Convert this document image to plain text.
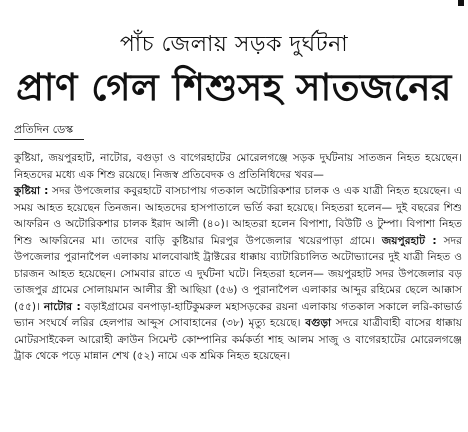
পাঁচ জেলায় সড়ক দুর্ঘটনা
প্রাণ গেল শিশুসহ সাতজনের
প্রতিদিন ডেস্ক
কুষ্টিয়া, জয়পুরহাট, নাটোর, বগুড়া ও বাগেরহাটের মোরেলগঞ্জে সড়ক দুর্ঘটনায় সাতজন নিহত হয়েছেন। নিহতদের মধ্যে এক শিশু রয়েছে। নিজস্ব প্রতিবেদক ও প্রতিনিধিদের খবর—
কুষ্টিয়া : সদর উপজেলার কবুরহাটে বাসচাপায় গতকাল অটোরিকশার চালক ও এক যাত্রী নিহত হয়েছেন। এ সময় আহত হয়েছেন তিনজন। আহতদের হাসপাতালে ভর্তি করা হয়েছে। নিহতরা হলেন— দুই বছরের শিশু আফরিন ও অটোরিকশার চালক ইরাদ আলী (৪০)। আহতরা হলেন বিপাশা, বিউটি ও টুম্পা। বিপাশা নিহত শিশু আফরিনের মা। তাদের বাড়ি কুষ্টিয়ার মিরপুর উপজেলার খয়েরপাড়া গ্রামে। জয়পুরহাট : সদর উপজেলার পুরানাপৈল এলাকায় মালবোঝাই ট্রাক্টরের ধাক্কায় ব্যাটারিচালিত অটোভ্যানের দুই যাত্রী নিহত ও চারজন আহত হয়েছেন। সোমবার রাতে এ দুর্ঘটনা ঘটে। নিহতরা হলেন— জয়পুরহাট সদর উপজেলার বড় তাজপুর গ্রামের সোলায়মান আলীর স্ত্রী আছিয়া (৫৬) ও পুরানাপৈল এলাকার আব্দুর রহিমের ছেলে আক্কাস (৫৫)। নাটোর : বড়াইগ্রামের বনপাড়া-হাটিকুমরুল মহাসড়কের রয়না এলাকায় গতকাল সকালে লরি-কাভার্ড ভ্যান সংঘর্ষে লরির হেলপার আব্দুস সোবাহানের (৩৮) মৃত্যু হয়েছে। বগুড়া সদরে যাত্রীবাহী বাসের ধাক্কায় মোটরসাইকেল আরোহী ক্রাউন সিমেন্ট কোম্পানির কর্মকর্তা শাহ আলম সাজু ও বাগেরহাটের মোরেলগঞ্জে ট্রাক থেকে পড়ে মান্নান শেখ (৫২) নামে এক শ্রমিক নিহত হয়েছেন।
